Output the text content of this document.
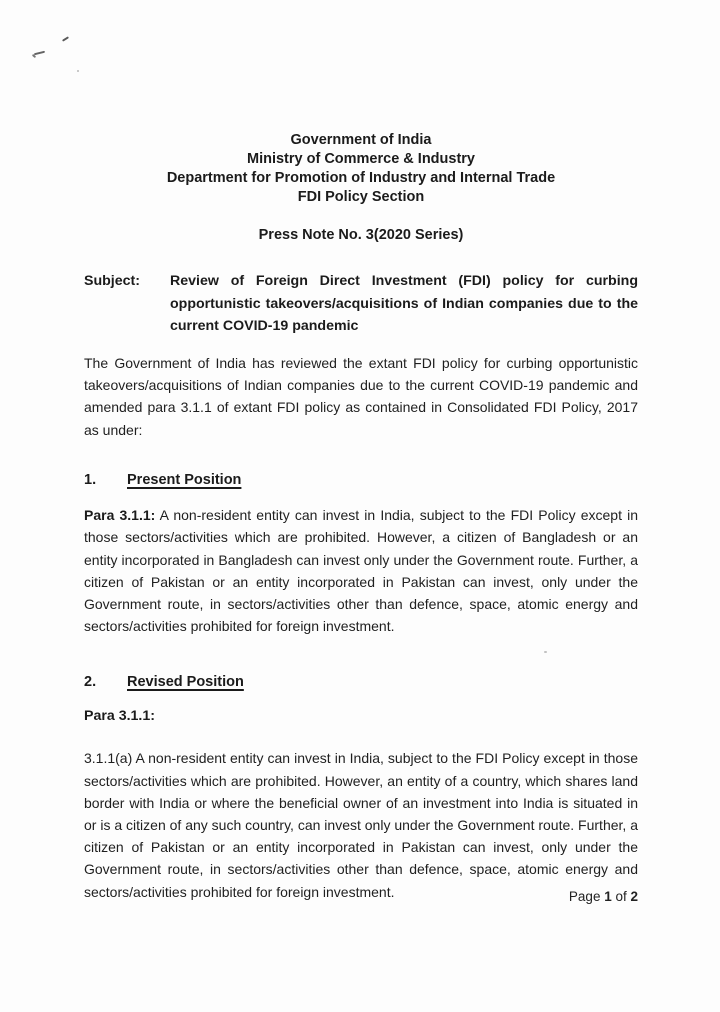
Government of India
Ministry of Commerce & Industry
Department for Promotion of Industry and Internal Trade
FDI Policy Section
Press Note No. 3(2020 Series)
Subject:	Review of Foreign Direct Investment (FDI) policy for curbing opportunistic takeovers/acquisitions of Indian companies due to the current COVID-19 pandemic

The Government of India has reviewed the extant FDI policy for curbing opportunistic takeovers/acquisitions of Indian companies due to the current COVID-19 pandemic and amended para 3.1.1 of extant FDI policy as contained in Consolidated FDI Policy, 2017 as under:

1. Present Position

Para 3.1.1: A non-resident entity can invest in India, subject to the FDI Policy except in those sectors/activities which are prohibited. However, a citizen of Bangladesh or an entity incorporated in Bangladesh can invest only under the Government route. Further, a citizen of Pakistan or an entity incorporated in Pakistan can invest, only under the Government route, in sectors/activities other than defence, space, atomic energy and sectors/activities prohibited for foreign investment.

2. Revised Position
Para 3.1.1:

3.1.1(a) A non-resident entity can invest in India, subject to the FDI Policy except in those sectors/activities which are prohibited. However, an entity of a country, which shares land border with India or where the beneficial owner of an investment into India is situated in or is a citizen of any such country, can invest only under the Government route. Further, a citizen of Pakistan or an entity incorporated in Pakistan can invest, only under the Government route, in sectors/activities other than defence, space, atomic energy and sectors/activities prohibited for foreign investment.	Page 1 of 2
